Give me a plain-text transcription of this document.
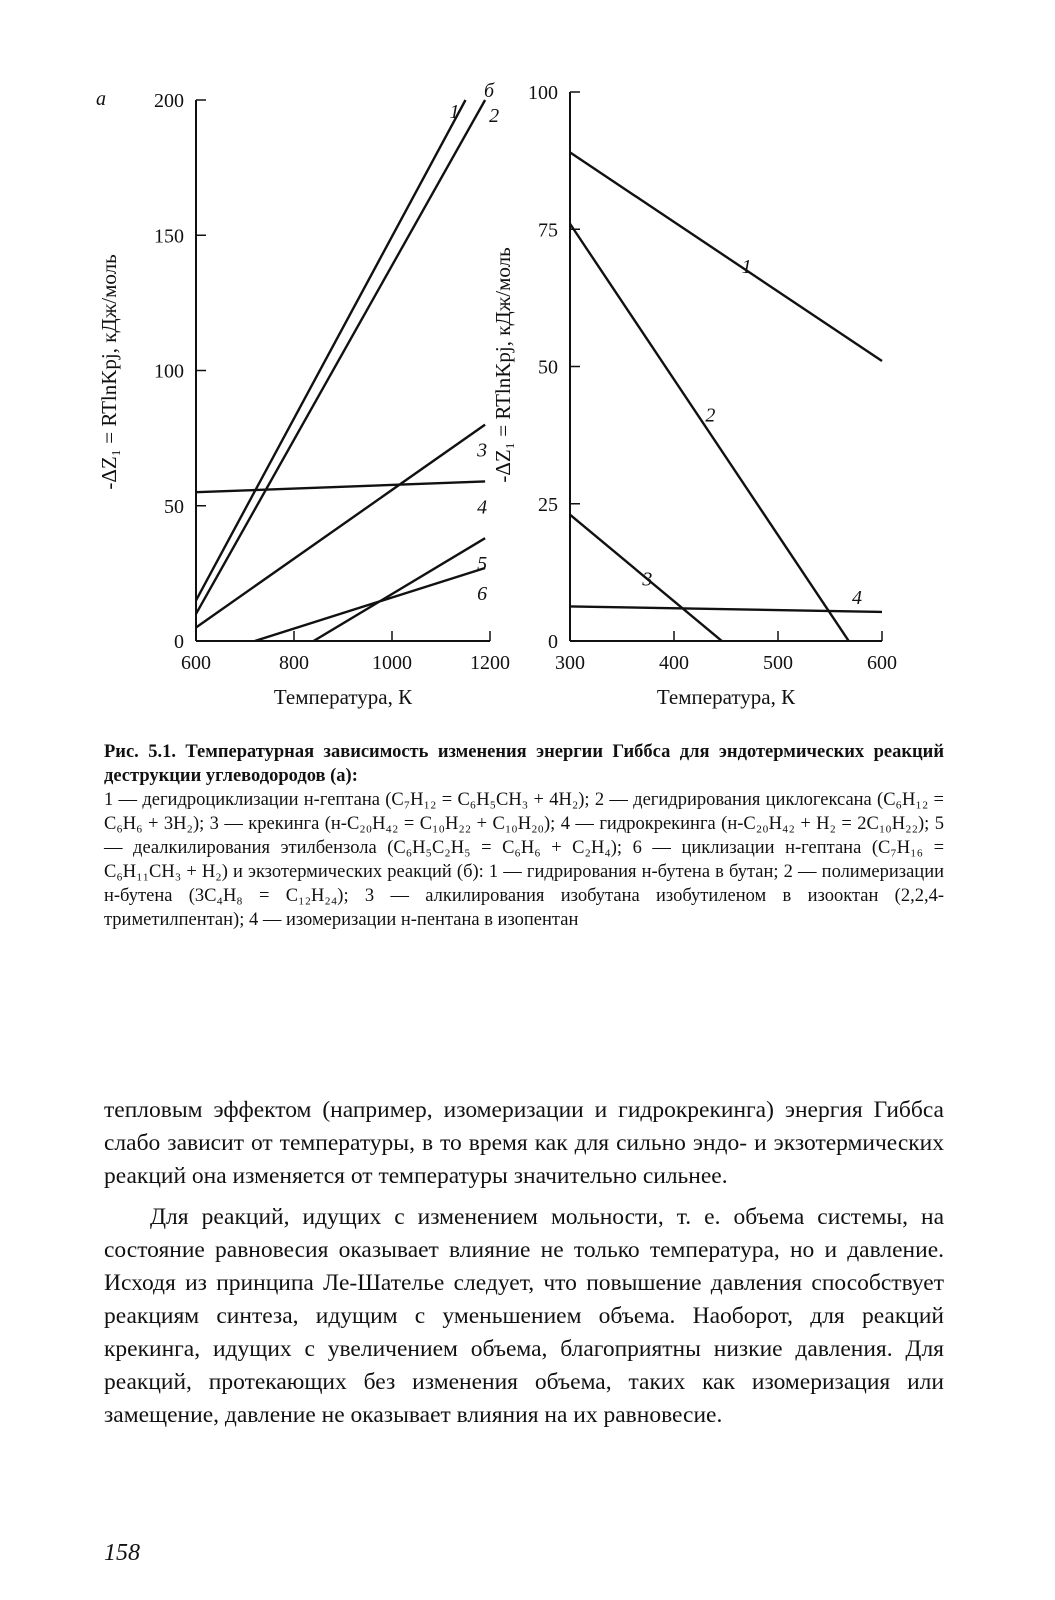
а
0
50
100
150
200
600	800	1000	1200
Температура, К
-ΔZ₁ = RTlnKpj, кДж/моль
1 2
3
4
5
6
б
0
25
50
75
100
300	400	500	600
Температура, К
-ΔZ₁ = RTlnKpj, кДж/моль	1
2
3
4
Рис. 5.1. Температурная зависимость изменения энергии Гиббса для эндотермических реакций деструкции углеводородов (а):
1 — дегидроциклизации н-гептана (C₇H₁₂ = C₆H₅CH₃ + 4H₂); 2 — дегидрирования циклогексана (C₆H₁₂ = C₆H₆ + 3H₂); 3 — крекинга (н-C₂₀H₄₂ = C₁₀H₂₂ + C₁₀H₂₀); 4 — гидрокрекинга (н-C₂₀H₄₂ + H₂ = 2C₁₀H₂₂); 5 — деалкилирования этилбензола (C₆H₅C₂H₅ = C₆H₆ + C₂H₄); 6 — циклизации н-гептана (C₇H₁₆ = C₆H₁₁CH₃ + H₂) и экзотермических реакций (б): 1 — гидрирования н-бутена в бутан; 2 — полимеризации н-бутена (3C₄H₈ = C₁₂H₂₄); 3 — алкилирования изобутана изобутиленом в изооктан (2,2,4-триметилпентан); 4 — изомеризации н-пентана в изопентан

тепловым эффектом (например, изомеризации и гидрокрекинга) энергия Гиббса слабо зависит от температуры, в то время как для сильно эндо- и экзотермических реакций она изменяется от температуры значительно сильнее.

Для реакций, идущих с изменением мольности, т. е. объема системы, на состояние равновесия оказывает влияние не только температура, но и давление. Исходя из принципа Ле-Шателье следует, что повышение давления способствует реакциям синтеза, идущим с уменьшением объема. Наоборот, для реакций крекинга, идущих с увеличением объема, благоприятны низкие давления. Для реакций, протекающих без изменения объема, таких как изомеризация или замещение, давление не оказывает влияния на их равновесие.

158
